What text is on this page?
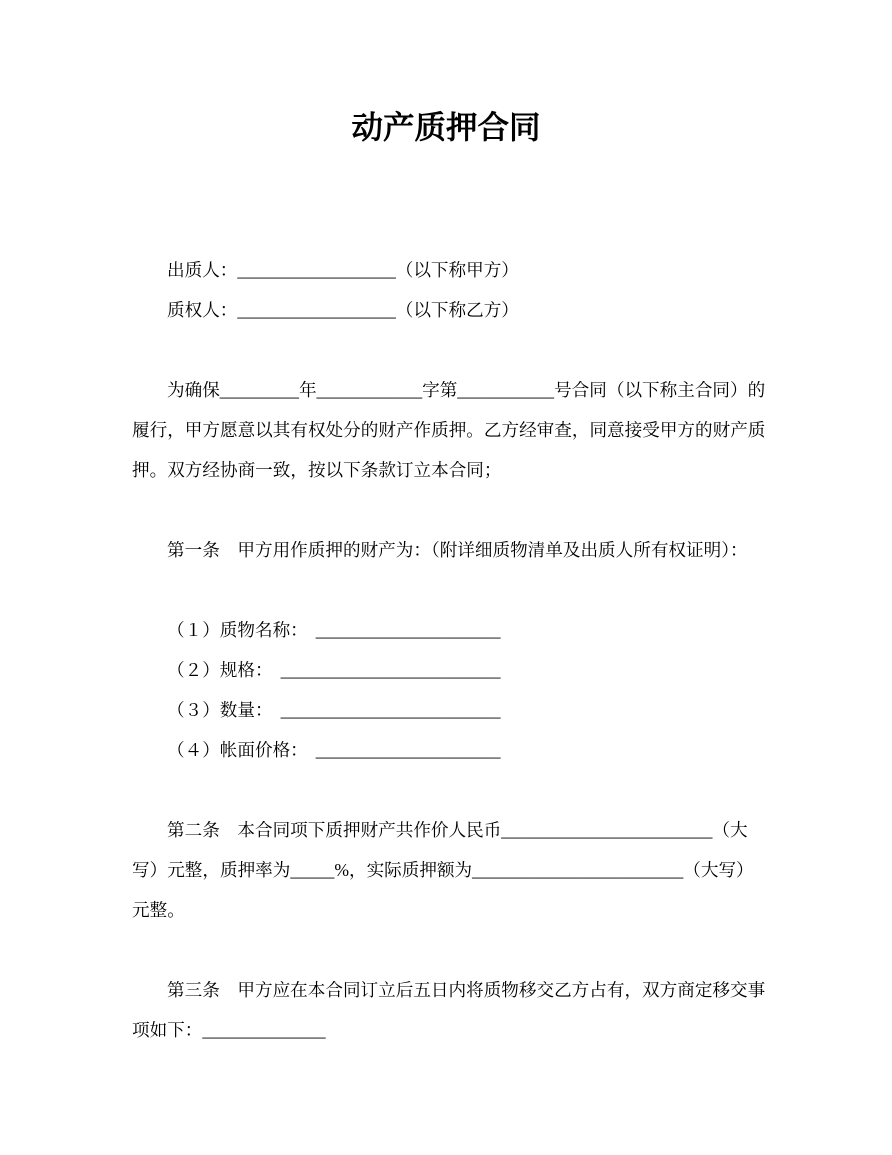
动产质押合同
出质人：__________________（以下称甲方）
质权人：__________________（以下称乙方）
为确保_________年____________字第___________号合同（以下称主合同）的
履行，甲方愿意以其有权处分的财产作质押。乙方经审查，同意接受甲方的财产质
押。双方经协商一致，按以下条款订立本合同；
第一条 甲方用作质押的财产为：（附详细质物清单及出质人所有权证明）：
（１）质物名称： _____________________
（２）规格： _________________________
（３）数量： _________________________
（４）帐面价格： _____________________
第二条 本合同项下质押财产共作价人民币________________________（大
写）元整，质押率为_____%，实际质押额为________________________（大写）
元整。
第三条 甲方应在本合同订立后五日内将质物移交乙方占有，双方商定移交事
项如下：______________
